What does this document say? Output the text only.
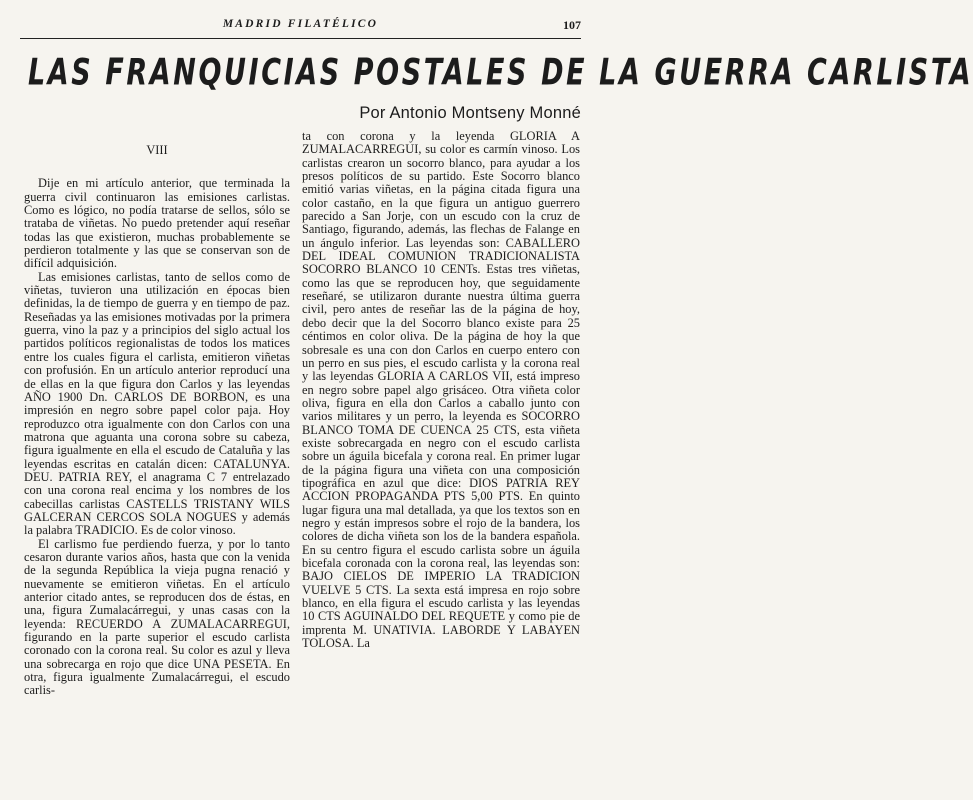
MADRID FILATÉLICO	107
LAS FRANQUICIAS POSTALES DE LA GUERRA CARLISTA
Por Antonio Montseny Monné

VIII

Dije en mi artículo anterior, que terminada la guerra civil continuaron las emisiones carlistas. Como es lógico, no podía tratarse de sellos, sólo se trataba de viñetas. No puedo pretender aquí reseñar todas las que existieron, muchas probablemente se perdieron totalmente y las que se conservan son de difícil adquisición.

Las emisiones carlistas, tanto de sellos como de viñetas, tuvieron una utilización en épocas bien definidas, la de tiempo de guerra y en tiempo de paz. Reseñadas ya las emisiones motivadas por la primera guerra, vino la paz y a principios del siglo actual los partidos políticos regionalistas de todos los matices entre los cuales figura el carlista, emitieron viñetas con profusión. En un artículo anterior reproducí una de ellas en la que figura don Carlos y las leyendas AÑO 1900 Dn. CARLOS DE BORBON, es una impresión en negro sobre papel color paja. Hoy reproduzco otra igualmente con don Carlos con una matrona que aguanta una corona sobre su cabeza, figura igualmente en ella el escudo de Cataluña y las leyendas escritas en catalán dicen: CATALUNYA. DEU. PATRIA REY, el anagrama C 7 entrelazado con una corona real encima y los nombres de los cabecillas carlistas CASTELLS TRISTANY WILS GALCERAN CERCOS SOLA NOGUES y además la palabra TRADICIO. Es de color vinoso.

El carlismo fue perdiendo fuerza, y por lo tanto cesaron durante varios años, hasta que con la venida de la segunda República la vieja pugna renació y nuevamente se emitieron viñetas. En el artículo anterior citado antes, se reproducen dos de éstas, en una, figura Zumalacárregui, y unas casas con la leyenda: RECUERDO A ZUMALACARREGUI, figurando en la parte superior el escudo carlista coronado con la corona real. Su color es azul y lleva una sobrecarga en rojo que dice UNA PESETA. En otra, figura igualmente Zumalacárregui, el escudo carlis-

ta con corona y la leyenda GLORIA A ZUMALACARREGUI, su color es carmín vinoso. Los carlistas crearon un socorro blanco, para ayudar a los presos políticos de su partido. Este Socorro blanco emitió varias viñetas, en la página citada figura una color castaño, en la que figura un antiguo guerrero parecido a San Jorje, con un escudo con la cruz de Santiago, figurando, además, las flechas de Falange en un ángulo inferior. Las leyendas son: CABALLERO DEL IDEAL COMUNION TRADICIONALISTA SOCORRO BLANCO 10 CENTs. Estas tres viñetas, como las que se reproducen hoy, que seguidamente reseñaré, se utilizaron durante nuestra última guerra civil, pero antes de reseñar las de la página de hoy, debo decir que la del Socorro blanco existe para 25 céntimos en color oliva. De la página de hoy la que sobresale es una con don Carlos en cuerpo entero con un perro en sus pies, el escudo carlista y la corona real y las leyendas GLORIA A CARLOS VII, está impreso en negro sobre papel algo grisáceo. Otra viñeta color oliva, figura en ella don Carlos a caballo junto con varios militares y un perro, la leyenda es SOCORRO BLANCO TOMA DE CUENCA 25 CTS, esta viñeta existe sobrecargada en negro con el escudo carlista sobre un águila bicefala y corona real. En primer lugar de la página figura una viñeta con una composición tipográfica en azul que dice: DIOS PATRIA REY ACCION PROPAGANDA PTS 5,00 PTS. En quinto lugar figura una mal detallada, ya que los textos son en negro y están impresos sobre el rojo de la bandera, los colores de dicha viñeta son los de la bandera española. En su centro figura el escudo carlista sobre un águila bicefala coronada con la corona real, las leyendas son: BAJO CIELOS DE IMPERIO LA TRADICION VUELVE 5 CTS. La sexta está impresa en rojo sobre blanco, en ella figura el escudo carlista y las leyendas 10 CTS AGUINALDO DEL REQUETE y como pie de imprenta M. UNATIVIA. LABORDE Y LABAYEN TOLOSA. La
